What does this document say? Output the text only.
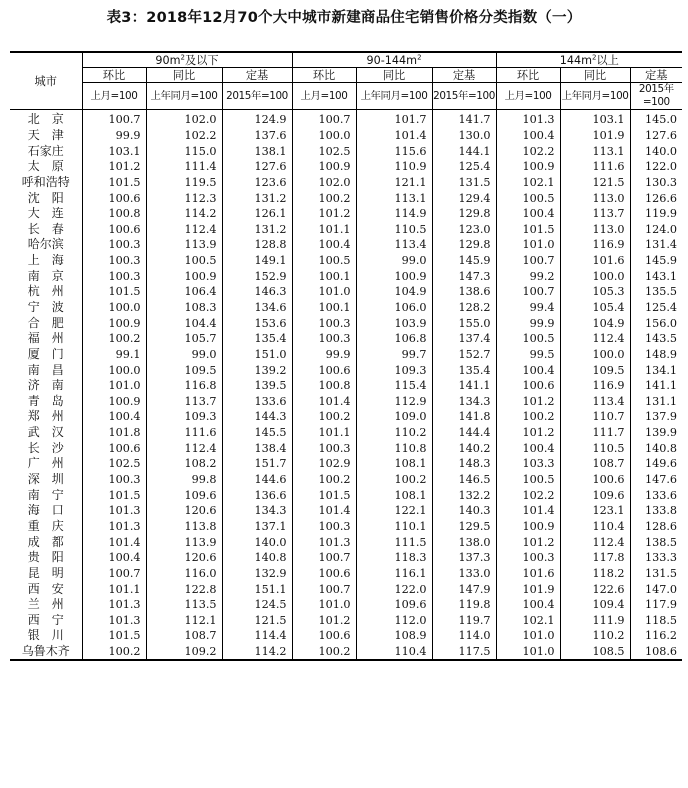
表3：2018年12月70个大中城市新建商品住宅销售价格分类指数（一）
城市	$90m^2$及以下			$90-144m^2$			$144m^2$以上		
	环比	同比	定基	环比	同比	定基	环比	同比	定基
	上月=100	上年同月=100	2015年=100	上月=100	上年同月=100	2015年=100	上月=100	上年同月=100	2015年=100
北　京	100.7	102.0	124.9	100.7	101.7	141.7	101.3	103.1	145.0
天　津	99.9	102.2	137.6	100.0	101.4	130.0	100.4	101.9	127.6
石家庄	103.1	115.0	138.1	102.5	115.6	144.1	102.2	113.1	140.0
太　原	101.2	111.4	127.6	100.9	110.9	125.4	100.9	111.6	122.0
呼和浩特	101.5	119.5	123.6	102.0	121.1	131.5	102.1	121.5	130.3
沈　阳	100.6	112.3	131.2	100.2	113.1	129.4	100.5	113.0	126.6
大　连	100.8	114.2	126.1	101.2	114.9	129.8	100.4	113.7	119.9
长　春	100.6	112.4	131.2	101.1	110.5	123.0	101.5	113.0	124.0
哈尔滨	100.3	113.9	128.8	100.4	113.4	129.8	101.0	116.9	131.4
上　海	100.3	100.5	149.1	100.5	99.0	145.9	100.7	101.6	145.9
南　京	100.3	100.9	152.9	100.1	100.9	147.3	99.2	100.0	143.1
杭　州	101.5	106.4	146.3	101.0	104.9	138.6	100.7	105.3	135.5
宁　波	100.0	108.3	134.6	100.1	106.0	128.2	99.4	105.4	125.4
合　肥	100.9	104.4	153.6	100.3	103.9	155.0	99.9	104.9	156.0
福　州	100.2	105.7	135.4	100.3	106.8	137.4	100.5	112.4	143.5
厦　门	99.1	99.0	151.0	99.9	99.7	152.7	99.5	100.0	148.9
南　昌	100.0	109.5	139.2	100.6	109.3	135.4	100.4	109.5	134.1
济　南	101.0	116.8	139.5	100.8	115.4	141.1	100.6	116.9	141.1
青　岛	100.9	113.7	133.6	101.4	112.9	134.3	101.2	113.4	131.1
郑　州	100.4	109.3	144.3	100.2	109.0	141.8	100.2	110.7	137.9
武　汉	101.8	111.6	145.5	101.1	110.2	144.4	101.2	111.7	139.9
长　沙	100.6	112.4	138.4	100.3	110.8	140.2	100.4	110.5	140.8
广　州	102.5	108.2	151.7	102.9	108.1	148.3	103.3	108.7	149.6
深　圳	100.3	99.8	144.6	100.2	100.2	146.5	100.5	100.6	147.6
南　宁	101.5	109.6	136.6	101.5	108.1	132.2	102.2	109.6	133.6
海　口	101.3	120.6	134.3	101.4	122.1	140.3	101.4	123.1	133.8
重　庆	101.3	113.8	137.1	100.3	110.1	129.5	100.9	110.4	128.6
成　都	101.4	113.9	140.0	101.3	111.5	138.0	101.2	112.4	138.5
贵　阳	100.4	120.6	140.8	100.7	118.3	137.3	100.3	117.8	133.3
昆　明	100.7	116.0	132.9	100.6	116.1	133.0	101.6	118.2	131.5
西　安	101.1	122.8	151.1	100.7	122.0	147.9	101.9	122.6	147.0
兰　州	101.3	113.5	124.5	101.0	109.6	119.8	100.4	109.4	117.9
西　宁	101.3	112.1	121.5	101.2	112.0	119.7	102.1	111.9	118.5
银　川	101.5	108.7	114.4	100.6	108.9	114.0	101.0	110.2	116.2
乌鲁木齐	100.2	109.2	114.2	100.2	110.4	117.5	101.0	108.5	108.6
